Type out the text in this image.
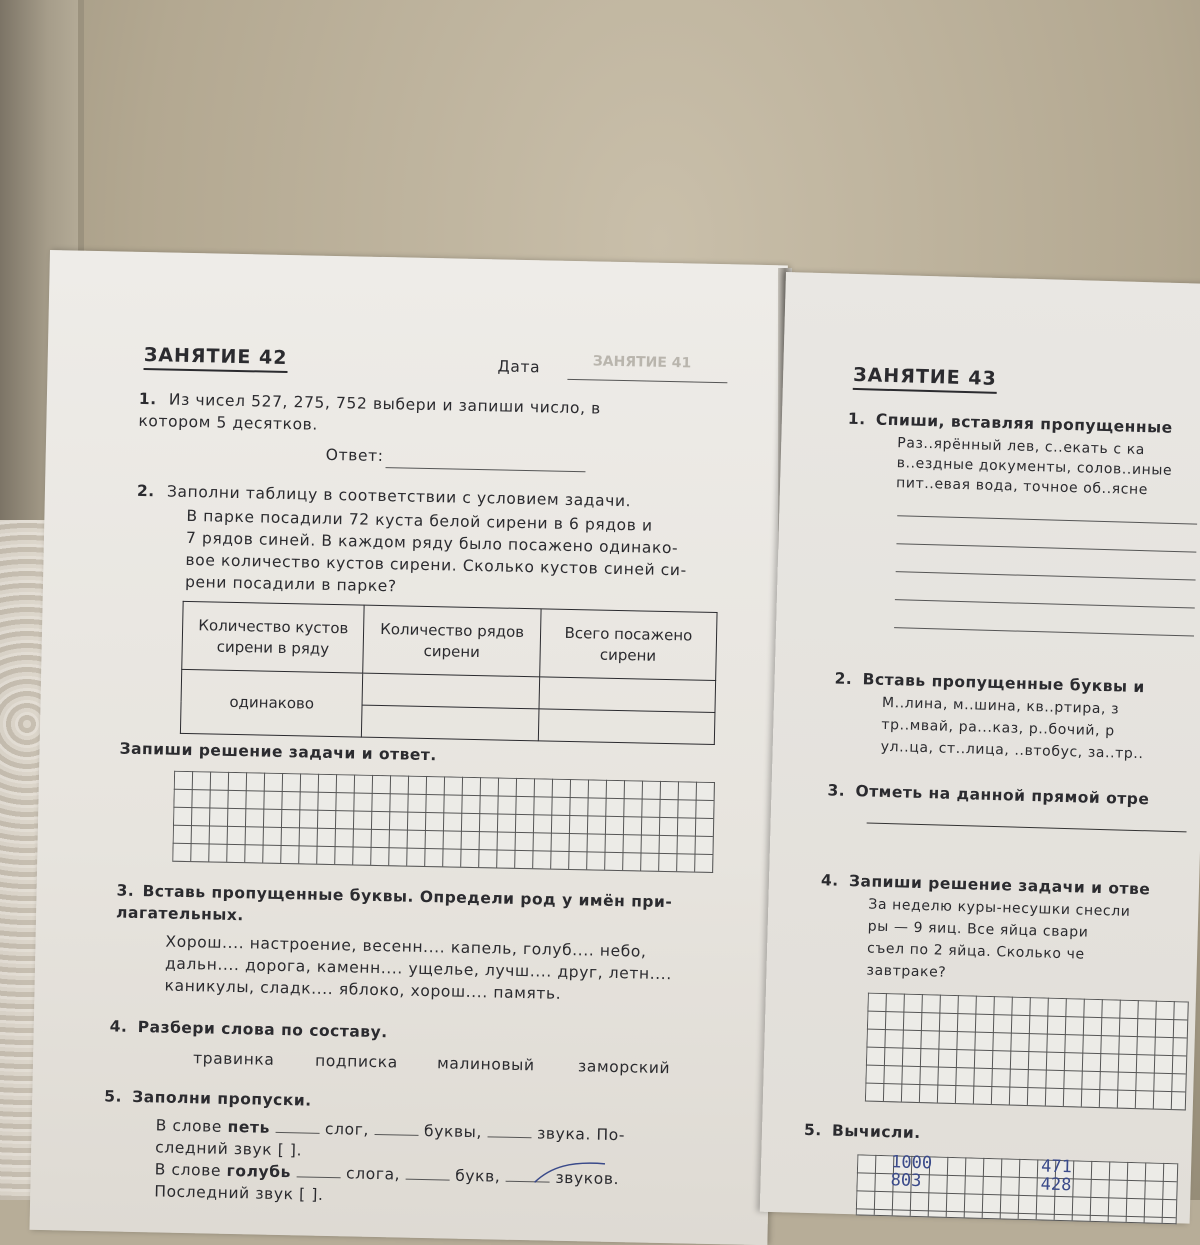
ЗАНЯТИЕ 42	Дата	ЗАНЯТИЕ 41
1. Из чисел 527, 275, 752 выбери и запиши число, в
котором 5 десятков.
Ответ:
2. Заполни таблицу в соответствии с условием задачи.
В парке посадили 72 куста белой сирени в 6 рядов и
7 рядов синей. В каждом ряду было посажено одинако-
вое количество кустов сирени. Сколько кустов синей си-
рени посадили в парке?
Количество кустов сирени в ряду	Количество рядов сирени	Всего посажено сирени
одинаково		

Запиши решение задачи и ответ.
3. Вставь пропущенные буквы. Определи род у имён при-
лагательных.
Хорош.... настроение, весенн.... капель, голуб.... небо,
дальн.... дорога, каменн.... ущелье, лучш.... друг, летн....
каникулы, сладк.... яблоко, хорош.... память.
4. Разбери слова по составу.
травинка	подписка	малиновый	заморский
5. Заполни пропуски.
В слове петь	слог,	буквы,	звука. По-
следний звук [ ].
В слове голубь	слога,	букв,	звуков.
Последний звук [ ].
ЗАНЯТИЕ 43
1. Спиши, вставляя пропущенные
Раз..ярённый лев, с..екать с ка
в..ездные документы, солов..иные
пит..евая вода, точное об..ясне
2. Вставь пропущенные буквы и
М..лина, м..шина, кв..ртира, з
тр..мвай, ра...каз, р..бочий, р
ул..ца, ст..лица, ..втобус, за..тр..
3. Отметь на данной прямой отре
4. Запиши решение задачи и отве
За неделю куры-несушки снесли
ры — 9 яиц. Все яйца свари
съел по 2 яйца. Сколько че
завтраке?
5. Вычисли.
1000
803
471
428
